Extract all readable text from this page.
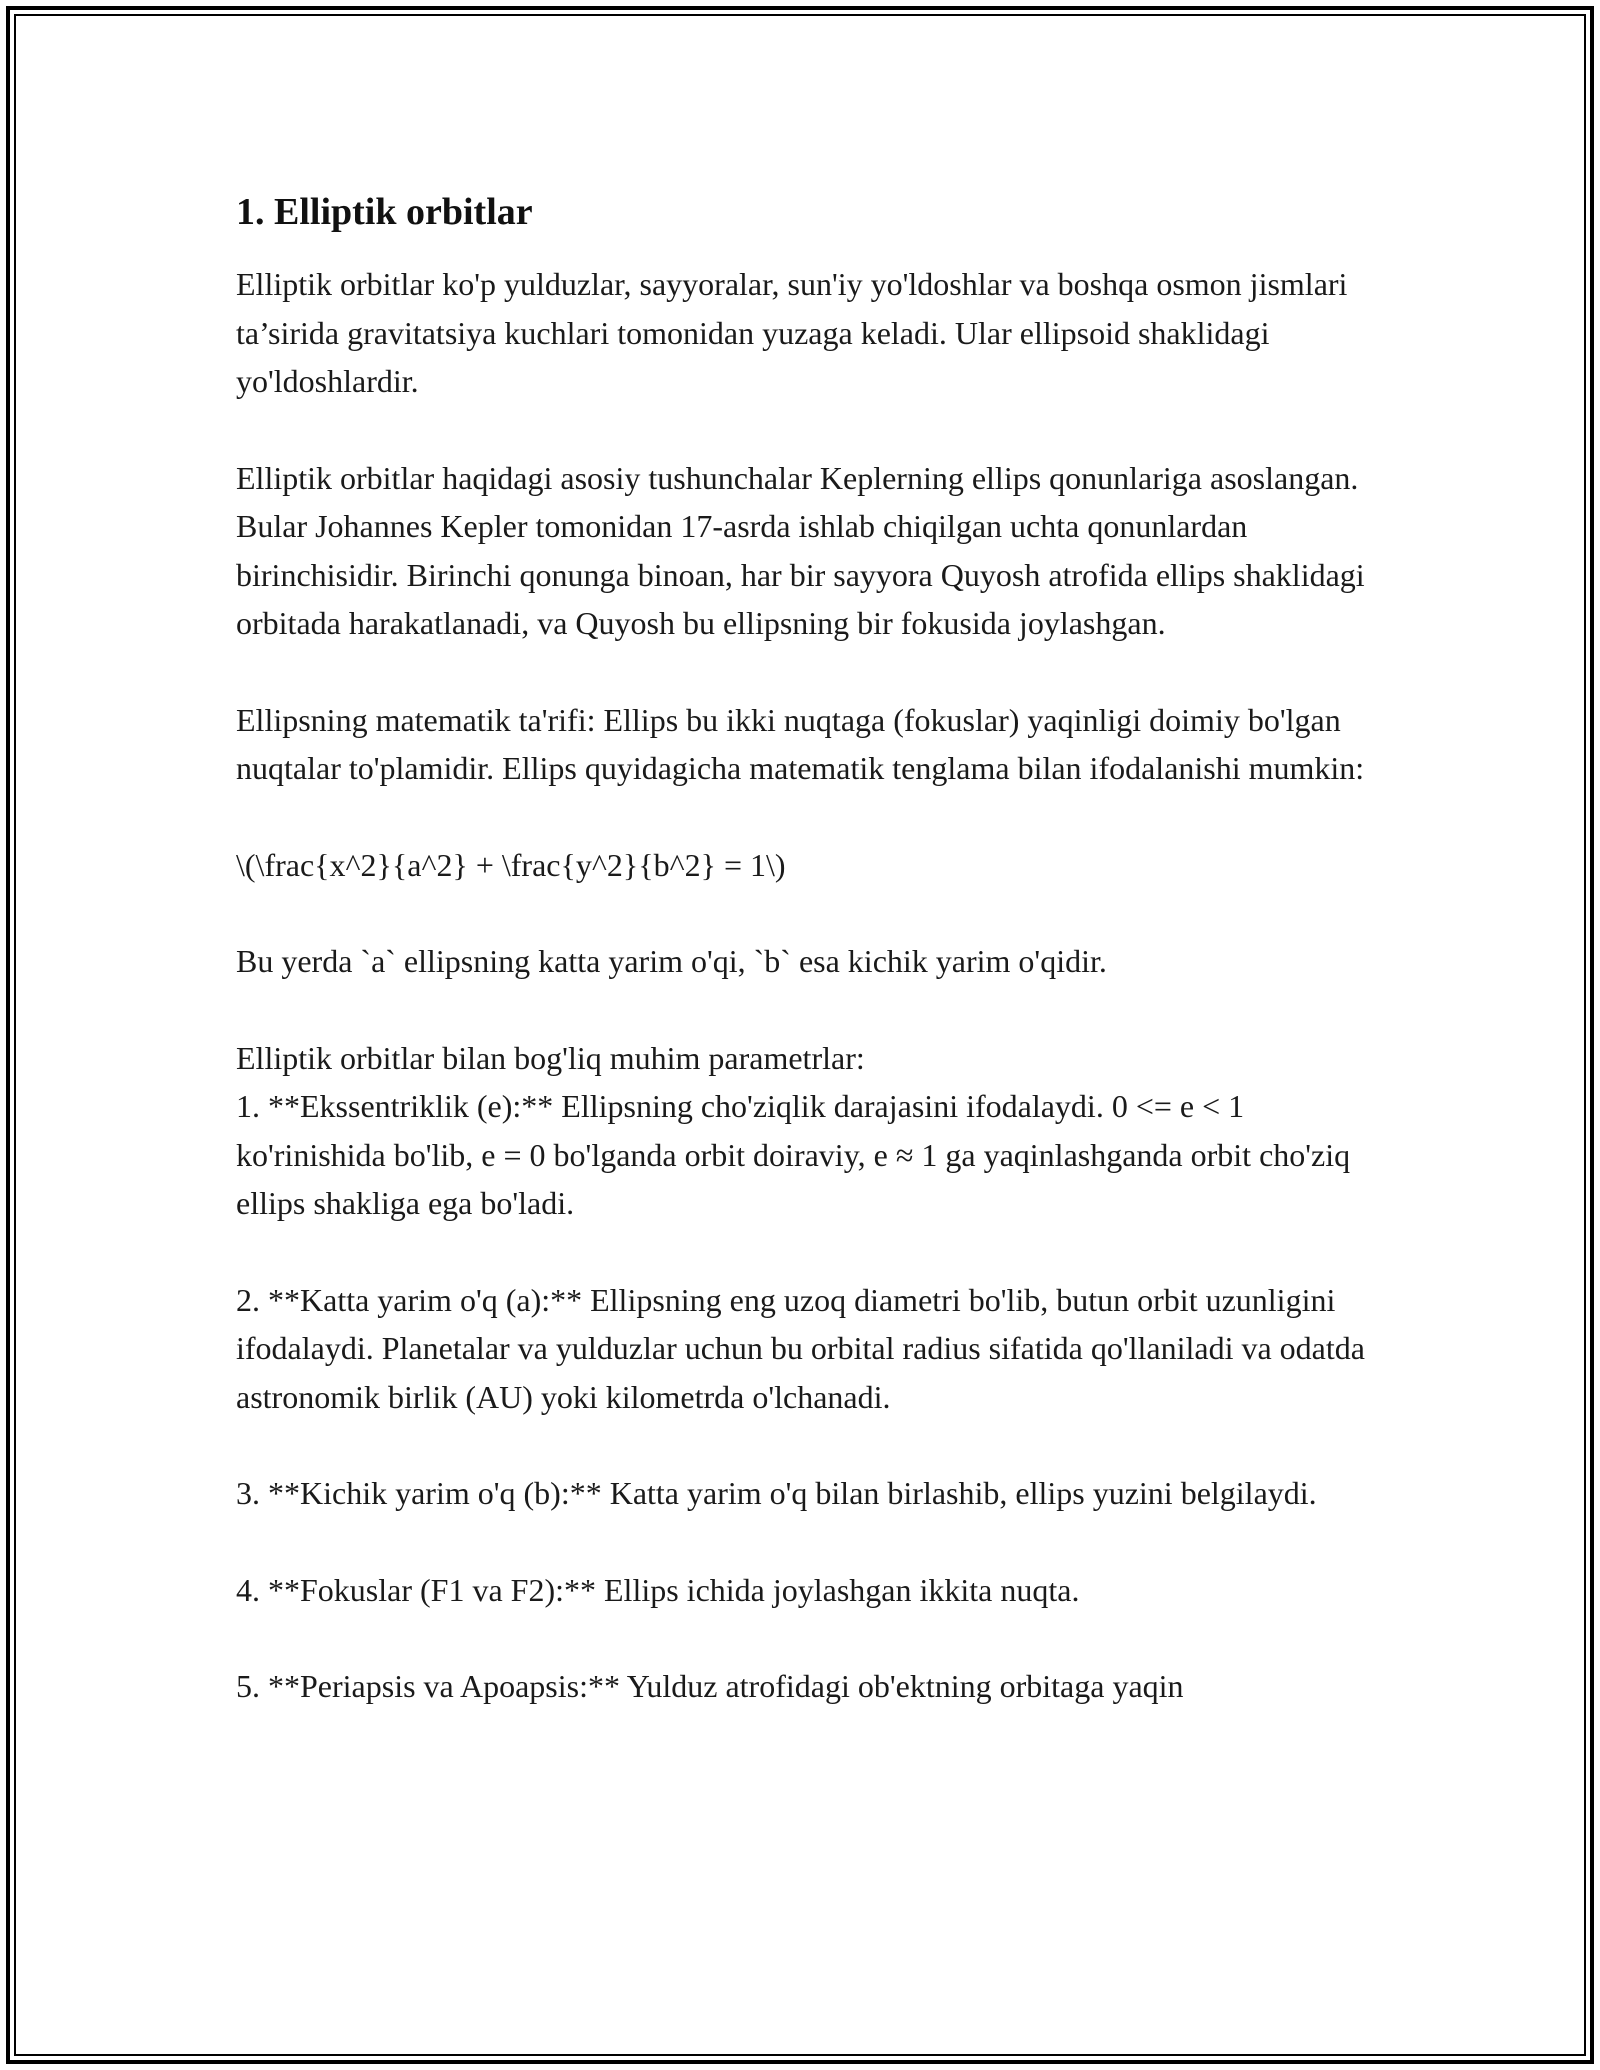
1. Elliptik orbitlar

Elliptik orbitlar ko'p yulduzlar, sayyoralar, sun'iy yo'ldoshlar va boshqa osmon jismlari ta’sirida gravitatsiya kuchlari tomonidan yuzaga keladi. Ular ellipsoid shaklidagi yo'ldoshlardir.

Elliptik orbitlar haqidagi asosiy tushunchalar Keplerning ellips qonunlariga asoslangan. Bular Johannes Kepler tomonidan 17-asrda ishlab chiqilgan uchta qonunlardan birinchisidir. Birinchi qonunga binoan, har bir sayyora Quyosh atrofida ellips shaklidagi orbitada harakatlanadi, va Quyosh bu ellipsning bir fokusida joylashgan.

Ellipsning matematik ta'rifi: Ellips bu ikki nuqtaga (fokuslar) yaqinligi doimiy bo'lgan nuqtalar to'plamidir. Ellips quyidagicha matematik tenglama bilan ifodalanishi mumkin:

\(\frac{x^2}{a^2} + \frac{y^2}{b^2} = 1\)

Bu yerda `a` ellipsning katta yarim o'qi, `b` esa kichik yarim o'qidir.

Elliptik orbitlar bilan bog'liq muhim parametrlar:

1. **Ekssentriklik (e):** Ellipsning cho'ziqlik darajasini ifodalaydi. 0 <= e < 1 ko'rinishida bo'lib, e = 0 bo'lganda orbit doiraviy, e ≈ 1 ga yaqinlashganda orbit cho'ziq ellips shakliga ega bo'ladi.

2. **Katta yarim o'q (a):** Ellipsning eng uzoq diametri bo'lib, butun orbit uzunligini ifodalaydi. Planetalar va yulduzlar uchun bu orbital radius sifatida qo'llaniladi va odatda astronomik birlik (AU) yoki kilometrda o'lchanadi.

3. **Kichik yarim o'q (b):** Katta yarim o'q bilan birlashib, ellips yuzini belgilaydi.

4. **Fokuslar (F1 va F2):** Ellips ichida joylashgan ikkita nuqta.

5. **Periapsis va Apoapsis:** Yulduz atrofidagi ob'ektning orbitaga yaqin
